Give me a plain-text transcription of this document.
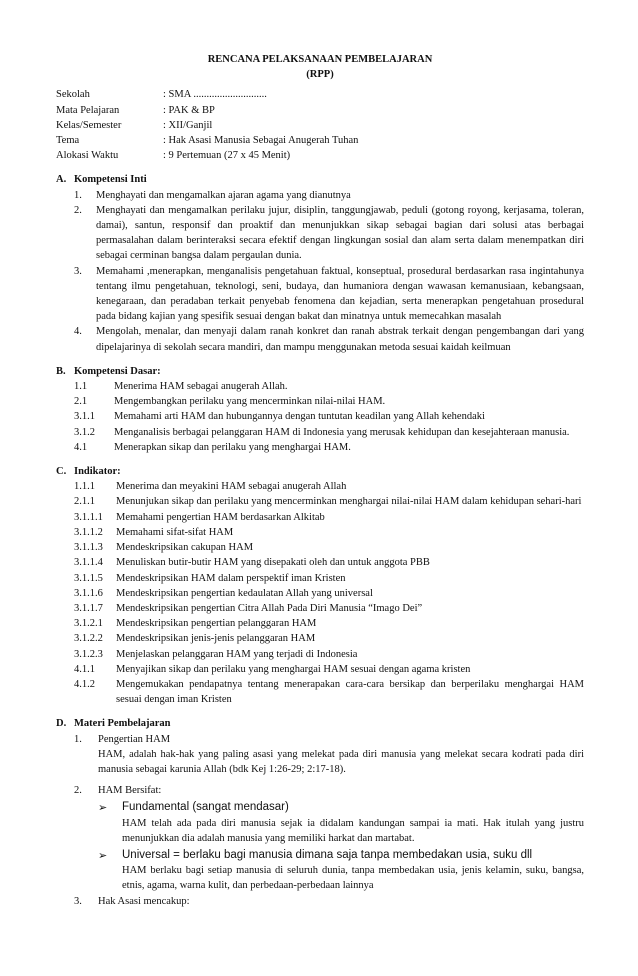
RENCANA PELAKSANAAN PEMBELAJARAN

(RPP)

Sekolah	: SMA ............................
Mata Pelajaran	: PAK & BP
Kelas/Semester	: XII/Ganjil
Tema	: Hak Asasi Manusia Sebagai Anugerah Tuhan
Alokasi Waktu	: 9 Pertemuan (27 x 45 Menit)
A. Kompetensi Inti
1.	Menghayati dan mengamalkan ajaran agama yang dianutnya
2.	Menghayati dan mengamalkan perilaku jujur, disiplin, tanggungjawab, peduli (gotong royong, kerjasama, toleran, damai), santun, responsif dan proaktif dan menunjukkan sikap sebagai bagian dari solusi atas berbagai permasalahan dalam berinteraksi secara efektif dengan lingkungan sosial dan alam serta dalam menempatkan diri sebagai cerminan bangsa dalam pergaulan dunia.
3.	Memahami ,menerapkan, menganalisis pengetahuan faktual, konseptual, prosedural berdasarkan rasa ingintahunya tentang ilmu pengetahuan, teknologi, seni, budaya, dan humaniora dengan wawasan kemanusiaan, kebangsaan, kenegaraan, dan peradaban terkait penyebab fenomena dan kejadian, serta menerapkan pengetahuan prosedural pada bidang kajian yang spesifik sesuai dengan bakat dan minatnya untuk memecahkan masalah
4.	Mengolah, menalar, dan menyaji dalam ranah konkret dan ranah abstrak terkait dengan pengembangan dari yang dipelajarinya di sekolah secara mandiri, dan mampu menggunakan metoda sesuai kaidah keilmuan
B. Kompetensi Dasar:
1.1	Menerima HAM sebagai anugerah Allah.
2.1	Mengembangkan perilaku yang mencerminkan nilai-nilai HAM.
3.1.1	Memahami arti HAM dan hubungannya dengan tuntutan keadilan yang Allah kehendaki
3.1.2	Menganalisis berbagai pelanggaran HAM di Indonesia yang merusak kehidupan dan kesejahteraan manusia.
4.1	Menerapkan sikap dan perilaku yang menghargai HAM.
C. Indikator:
1.1.1	Menerima dan meyakini HAM sebagai anugerah Allah
2.1.1	Menunjukan sikap dan perilaku yang mencerminkan menghargai nilai-nilai HAM dalam kehidupan sehari-hari
3.1.1.1	Memahami pengertian HAM berdasarkan Alkitab
3.1.1.2	Memahami sifat-sifat HAM
3.1.1.3	Mendeskripsikan cakupan HAM
3.1.1.4	Menuliskan butir-butir HAM yang disepakati oleh dan untuk anggota PBB
3.1.1.5	Mendeskripsikan HAM dalam perspektif iman Kristen
3.1.1.6	Mendeskripsikan pengertian kedaulatan Allah yang universal
3.1.1.7	Mendeskripsikan pengertian Citra Allah Pada Diri Manusia “Imago Dei”
3.1.2.1	Mendeskripsikan pengertian pelanggaran HAM
3.1.2.2	Mendeskripsikan jenis-jenis pelanggaran HAM
3.1.2.3	Menjelaskan pelanggaran HAM yang terjadi di Indonesia
4.1.1	Menyajikan sikap dan perilaku yang menghargai HAM sesuai dengan agama kristen
4.1.2	Mengemukakan pendapatnya tentang menerapakan cara-cara bersikap dan berperilaku menghargai HAM sesuai dengan iman Kristen
D. Materi Pembelajaran
1.	Pengertian HAM
HAM, adalah hak-hak yang paling asasi yang melekat pada diri manusia yang melekat secara kodrati pada diri manusia sebagai karunia Allah (bdk Kej 1:26-29; 2:17-18).
2.	HAM Bersifat:
➢	Fundamental (sangat mendasar)
HAM telah ada pada diri manusia sejak ia didalam kandungan sampai ia mati. Hak itulah yang justru menunjukkan dia adalah manusia yang memiliki harkat dan martabat.
➢	Universal = berlaku bagi manusia dimana saja tanpa membedakan usia, suku dll
HAM berlaku bagi setiap manusia di seluruh dunia, tanpa membedakan usia, jenis kelamin, suku, bangsa, etnis, agama, warna kulit, dan perbedaan-perbedaan lainnya
3.	Hak Asasi mencakup:
